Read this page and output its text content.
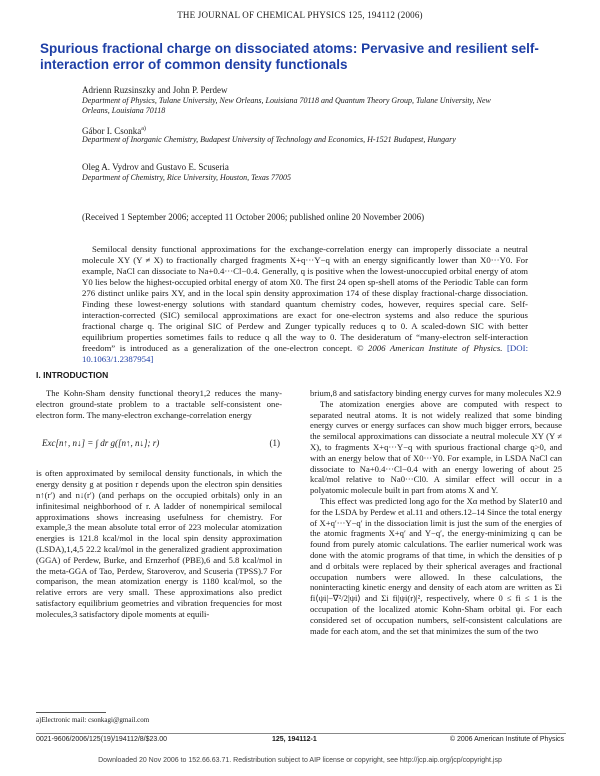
THE JOURNAL OF CHEMICAL PHYSICS 125, 194112 (2006)
Spurious fractional charge on dissociated atoms: Pervasive and resilient self-interaction error of common density functionals
Adrienn Ruzsinszky and John P. Perdew
Department of Physics, Tulane University, New Orleans, Louisiana 70118 and Quantum Theory Group, Tulane University, New Orleans, Louisiana 70118
Gábor I. Csonka$^{a)}$
Department of Inorganic Chemistry, Budapest University of Technology and Economics, H-1521 Budapest, Hungary
Oleg A. Vydrov and Gustavo E. Scuseria
Department of Chemistry, Rice University, Houston, Texas 77005
(Received 1 September 2006; accepted 11 October 2006; published online 20 November 2006)

Semilocal density functional approximations for the exchange-correlation energy can improperly dissociate a neutral molecule XY (Y ≠ X) to fractionally charged fragments X+q···Y−q with an energy significantly lower than X0···Y0. For example, NaCl can dissociate to Na+0.4···Cl−0.4. Generally, q is positive when the lowest-unoccupied orbital energy of atom Y0 lies below the highest-occupied orbital energy of atom X0. The first 24 open sp-shell atoms of the Periodic Table can form 276 distinct unlike pairs XY, and in the local spin density approximation 174 of these display fractional-charge dissociation. Finding these lowest-energy solutions with standard quantum chemistry codes, however, requires special care. Self-interaction-corrected (SIC) semilocal approximations are exact for one-electron systems and also reduce the spurious fractional charge q. The original SIC of Perdew and Zunger typically reduces q to 0. A scaled-down SIC with better equilibrium properties sometimes fails to reduce q all the way to 0. The desideratum of “many-electron self-interaction freedom” is introduced as a generalization of the one-electron concept. © 2006 American Institute of Physics. [DOI: 10.1063/1.2387954]

I. INTRODUCTION

The Kohn-Sham density functional theory1,2 reduces the many-electron ground-state problem to a tractable self-consistent one-electron form. The many-electron exchange-correlation energy

Exc[n↑, n↓] = ∫ dr g([n↑, n↓]; r)	(1)

is often approximated by semilocal density functionals, in which the energy density g at position r depends upon the electron spin densities n↑(r′) and n↓(r′) (and perhaps on the occupied orbitals) only in an infinitesimal neighborhood of r. A ladder of nonempirical semilocal approximations shows increasing usefulness for chemistry. For example,3 the mean absolute total error of 223 molecular atomization energies is 121.8 kcal/mol in the local spin density approximation (LSDA),1,4,5 22.2 kcal/mol in the generalized gradient approximation (GGA) of Perdew, Burke, and Ernzerhof (PBE),6 and 5.8 kcal/mol in the meta-GGA of Tao, Perdew, Staroverov, and Scuseria (TPSS).7 For comparison, the mean atomization energy is 1180 kcal/mol, so the relative errors are very small. These approximations also predict satisfactory equilibrium geometries and vibration frequencies for most molecules,3 satisfactory dipole moments at equili-

brium,8 and satisfactory binding energy curves for many molecules X2.9

The atomization energies above are computed with respect to separated neutral atoms. It is not widely realized that some binding energy curves or energy surfaces can show much bigger errors, because the semilocal approximations can dissociate a neutral molecule XY (Y ≠ X), to fragments X+q···Y−q with spurious fractional charge q>0, and with an energy below that of X0···Y0. For example, in LSDA NaCl can dissociate to Na+0.4···Cl−0.4 with an energy lowering of about 25 kcal/mol relative to Na0···Cl0. A similar effect will occur in a polyatomic molecule built in part from atoms X and Y.

This effect was predicted long ago for the Xα method by Slater10 and for the LSDA by Perdew et al.11 and others.12–14 Since the total energy of X+q′···Y−q′ in the dissociation limit is just the sum of the energies of the atomic fragments X+q′ and Y−q′, the energy-minimizing q can be found from purely atomic calculations. The earlier numerical work was done with the atomic programs of that time, in which the densities of p and d orbitals were replaced by their spherical averages and fractional occupation numbers were allowed. In these calculations, the noninteracting kinetic energy and density of each atom are written as Σi fi⟨ψi|−∇²/2|ψi⟩ and Σi fi|ψi(r)|², respectively, where 0 ≤ fi ≤ 1 is the occupation of the localized atomic Kohn-Sham orbital ψi. For each considered set of occupation numbers, self-consistent calculations are made for each atom, and the set that minimizes the sum of the two

a)Electronic mail: csonkagi@gmail.com
0021-9606/2006/125(19)/194112/8/$23.00	125, 194112-1	© 2006 American Institute of Physics
Downloaded 20 Nov 2006 to 152.66.63.71. Redistribution subject to AIP license or copyright, see http://jcp.aip.org/jcp/copyright.jsp
